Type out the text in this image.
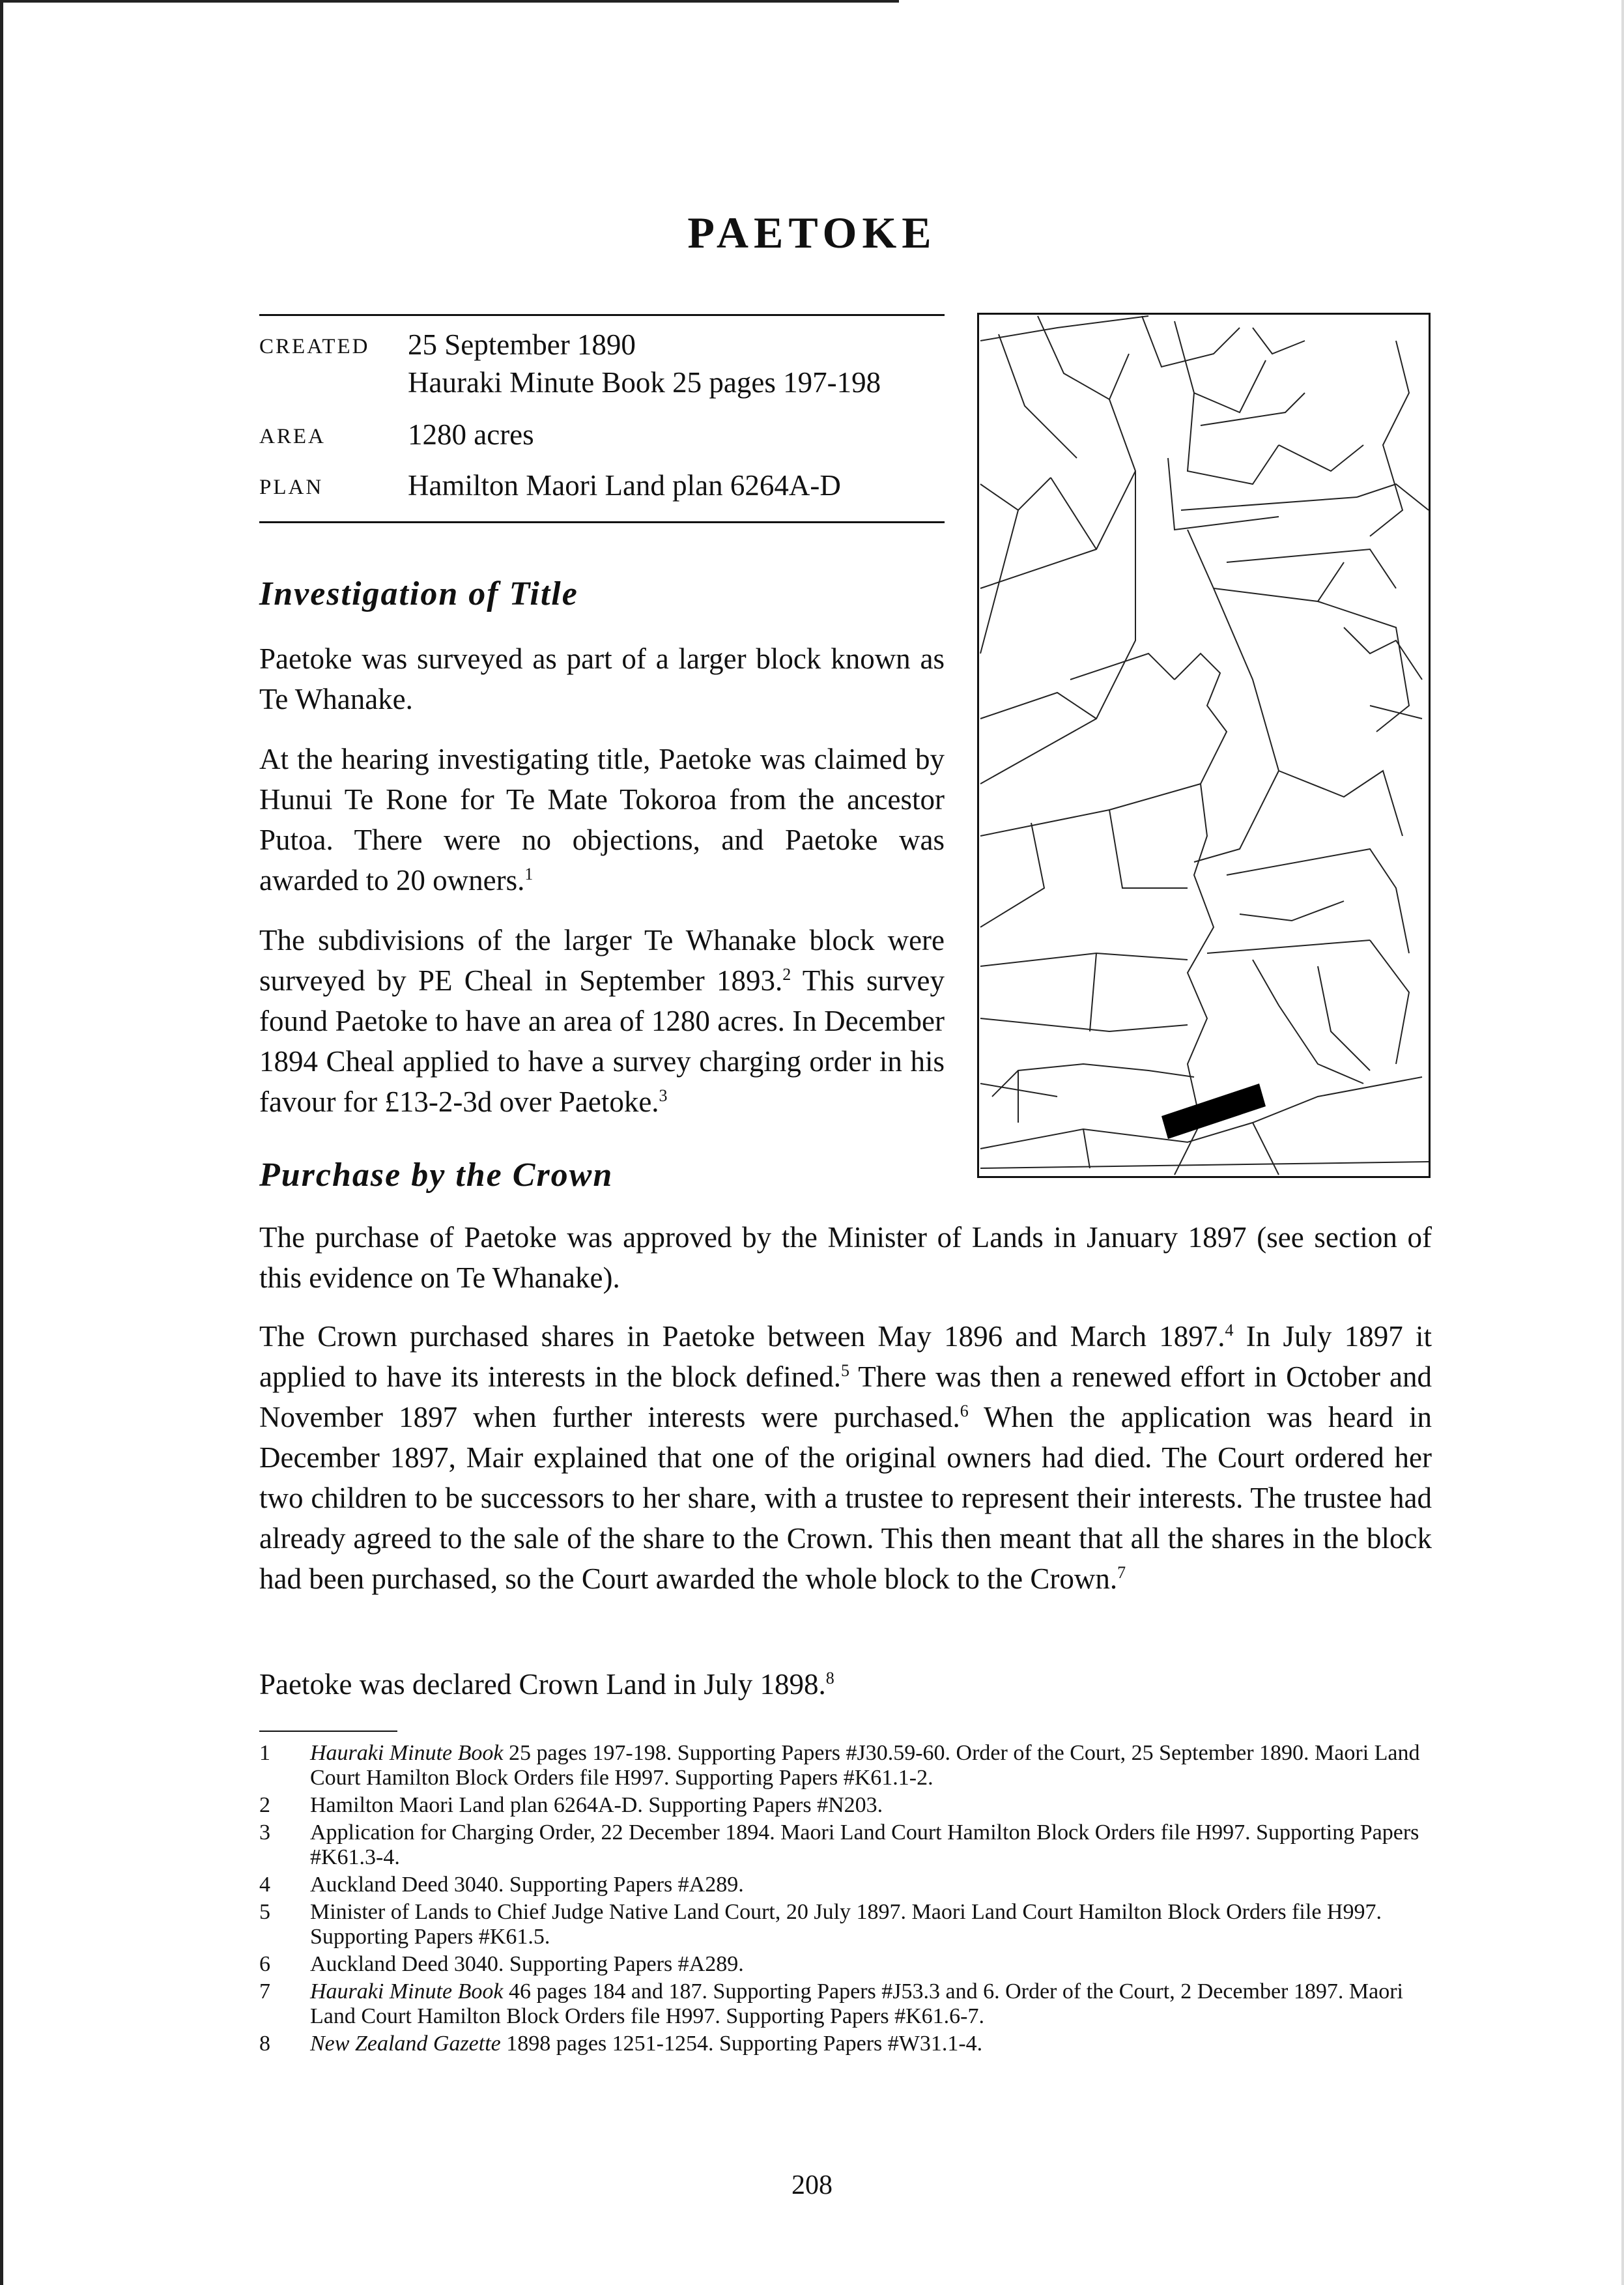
PAETOKE
CREATED	25 September 1890
Hauraki Minute Book 25 pages 197-198
AREA	1280 acres
PLAN	Hamilton Maori Land plan 6264A-D
Investigation of Title

Paetoke was surveyed as part of a larger block known as Te Whanake.

At the hearing investigating title, Paetoke was claimed by Hunui Te Rone for Te Mate Tokoroa from the ancestor Putoa. There were no objections, and Paetoke was awarded to 20 owners.$^1$

The subdivisions of the larger Te Whanake block were surveyed by PE Cheal in September 1893.$^2$ This survey found Paetoke to have an area of 1280 acres. In December 1894 Cheal applied to have a survey charging order in his favour for £13-2-3d over Paetoke.$^3$

Purchase by the Crown

The purchase of Paetoke was approved by the Minister of Lands in January 1897 (see section of this evidence on Te Whanake).

The Crown purchased shares in Paetoke between May 1896 and March 1897.$^4$ In July 1897 it applied to have its interests in the block defined.$^5$ There was then a renewed effort in October and November 1897 when further interests were purchased.$^6$ When the application was heard in December 1897, Mair explained that one of the original owners had died. The Court ordered her two children to be successors to her share, with a trustee to represent their interests. The trustee had already agreed to the sale of the share to the Crown. This then meant that all the shares in the block had been purchased, so the Court awarded the whole block to the Crown.$^7$

Paetoke was declared Crown Land in July 1898.$^8$

1	Hauraki Minute Book 25 pages 197-198. Supporting Papers #J30.59-60. Order of the Court, 25 September 1890. Maori Land Court Hamilton Block Orders file H997. Supporting Papers #K61.1-2.
2	Hamilton Maori Land plan 6264A-D. Supporting Papers #N203.
3	Application for Charging Order, 22 December 1894. Maori Land Court Hamilton Block Orders file H997. Supporting Papers #K61.3-4.
4	Auckland Deed 3040. Supporting Papers #A289.
5	Minister of Lands to Chief Judge Native Land Court, 20 July 1897. Maori Land Court Hamilton Block Orders file H997. Supporting Papers #K61.5.
6	Auckland Deed 3040. Supporting Papers #A289.
7	Hauraki Minute Book 46 pages 184 and 187. Supporting Papers #J53.3 and 6. Order of the Court, 2 December 1897. Maori Land Court Hamilton Block Orders file H997. Supporting Papers #K61.6-7.
8	New Zealand Gazette 1898 pages 1251-1254. Supporting Papers #W31.1-4.
208
